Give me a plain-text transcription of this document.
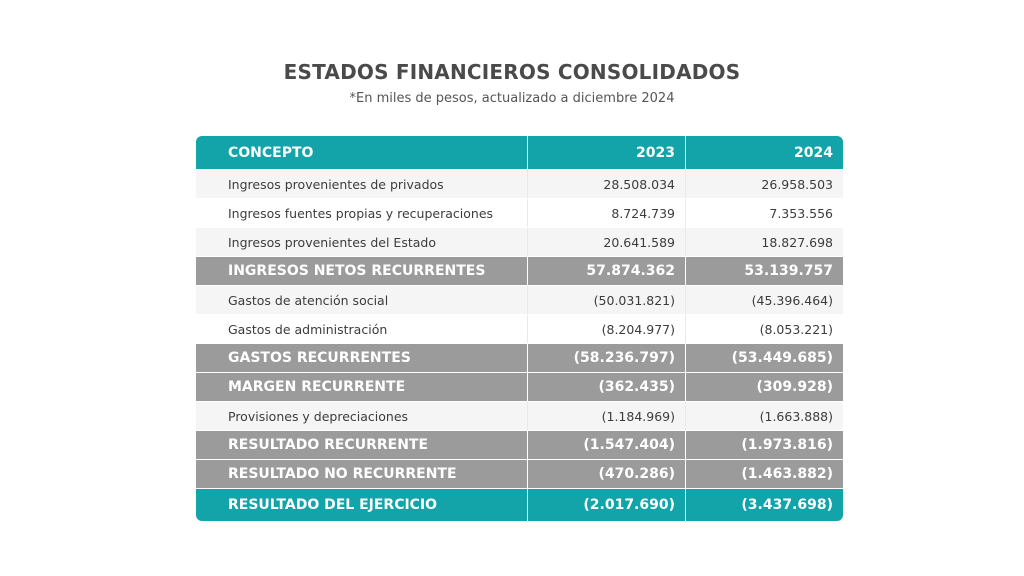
ESTADOS FINANCIEROS CONSOLIDADOS
*En miles de pesos, actualizado a diciembre 2024
CONCEPTO	2023	2024
Ingresos provenientes de privados	28.508.034	26.958.503
Ingresos fuentes propias y recuperaciones	8.724.739	7.353.556
Ingresos provenientes del Estado	20.641.589	18.827.698
INGRESOS NETOS RECURRENTES	57.874.362	53.139.757
Gastos de atención social	(50.031.821)	(45.396.464)
Gastos de administración	(8.204.977)	(8.053.221)
GASTOS RECURRENTES	(58.236.797)	(53.449.685)
MARGEN RECURRENTE	(362.435)	(309.928)
Provisiones y depreciaciones	(1.184.969)	(1.663.888)
RESULTADO RECURRENTE	(1.547.404)	(1.973.816)
RESULTADO NO RECURRENTE	(470.286)	(1.463.882)
RESULTADO DEL EJERCICIO	(2.017.690)	(3.437.698)
